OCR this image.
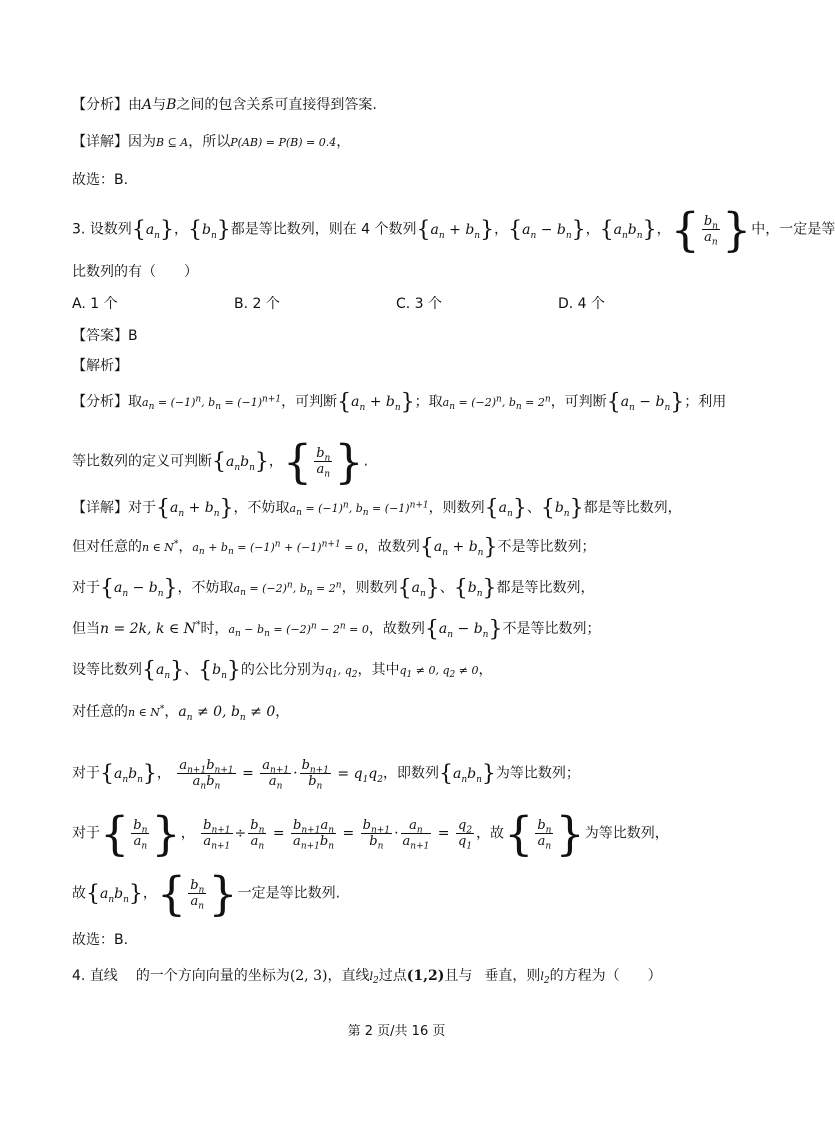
【分析】由A与B之间的包含关系可直接得到答案.
【详解】因为B ⊆ A，所以P(AB) = P(B) = 0.4，
故选：B.
3. 设数列$\{a_n\}$，$\{b_n\}$都是等比数列，则在 4 个数列$\{a_n + b_n\}$，$\{a_n - b_n\}$，$\{a_nb_n\}$，{ $\frac{b_n}{a_n}$ }中，一定是等
比数列的有（　　）
A. 1 个	B. 2 个	C. 3 个	D. 4 个
【答案】B
【解析】
【分析】取$a_n = (-1)^n$, $b_n = (-1)^{n+1}$，可判断$\{a_n + b_n\}$；取$a_n = (-2)^n$, $b_n = 2^n$，可判断$\{a_n - b_n\}$；利用
等比数列的定义可判断$\{a_nb_n\}$，{ $\frac{b_n}{a_n}$ }.
【详解】对于$\{a_n + b_n\}$，不妨取$a_n = (-1)^n$, $b_n = (-1)^{n+1}$，则数列$\{a_n\}$、$\{b_n\}$都是等比数列，
但对任意的n ∈ N*，$a_n + b_n = (-1)^n + (-1)^{n+1} = 0$，故数列$\{a_n + b_n\}$不是等比数列；
对于$\{a_n - b_n\}$，不妨取$a_n = (-2)^n$, $b_n = 2^n$，则数列$\{a_n\}$、$\{b_n\}$都是等比数列，
但当n = 2k, k ∈ N*时，$a_n - b_n = (-2)^n - 2^n = 0$，故数列$\{a_n - b_n\}$不是等比数列；
设等比数列$\{a_n\}$、$\{b_n\}$的公比分别为$q_1$, $q_2$，其中$q_1 \ne 0$, $q_2 \ne 0$，
对任意的n ∈ N*，$a_n \ne 0$, $b_n \ne 0$，
对于$\{a_nb_n\}$， $\frac{a_{n+1}b_{n+1}}{a_nb_n} = \frac{a_{n+1}}{a_n} \cdot \frac{b_{n+1}}{b_n} = q_1q_2$，即数列$\{a_nb_n\}$为等比数列；
对于{ $\frac{b_n}{a_n}$ }， $\frac{b_{n+1}}{a_{n+1}} \div \frac{b_n}{a_n} = \frac{b_{n+1}a_n}{a_{n+1}b_n} = \frac{b_{n+1}}{b_n} \cdot \frac{a_n}{a_{n+1}} = \frac{q_2}{q_1}$ ，故{ $\frac{b_n}{a_n}$ }为等比数列，
故$\{a_nb_n\}$，{ $\frac{b_n}{a_n}$ }一定是等比数列.
故选：B.
4. 直线 的一个方向向量的坐标为(2, 3)，直线$l_2$过点(1,2)且与 垂直，则$l_2$的方程为（　　）
第 2 页/共 16 页
